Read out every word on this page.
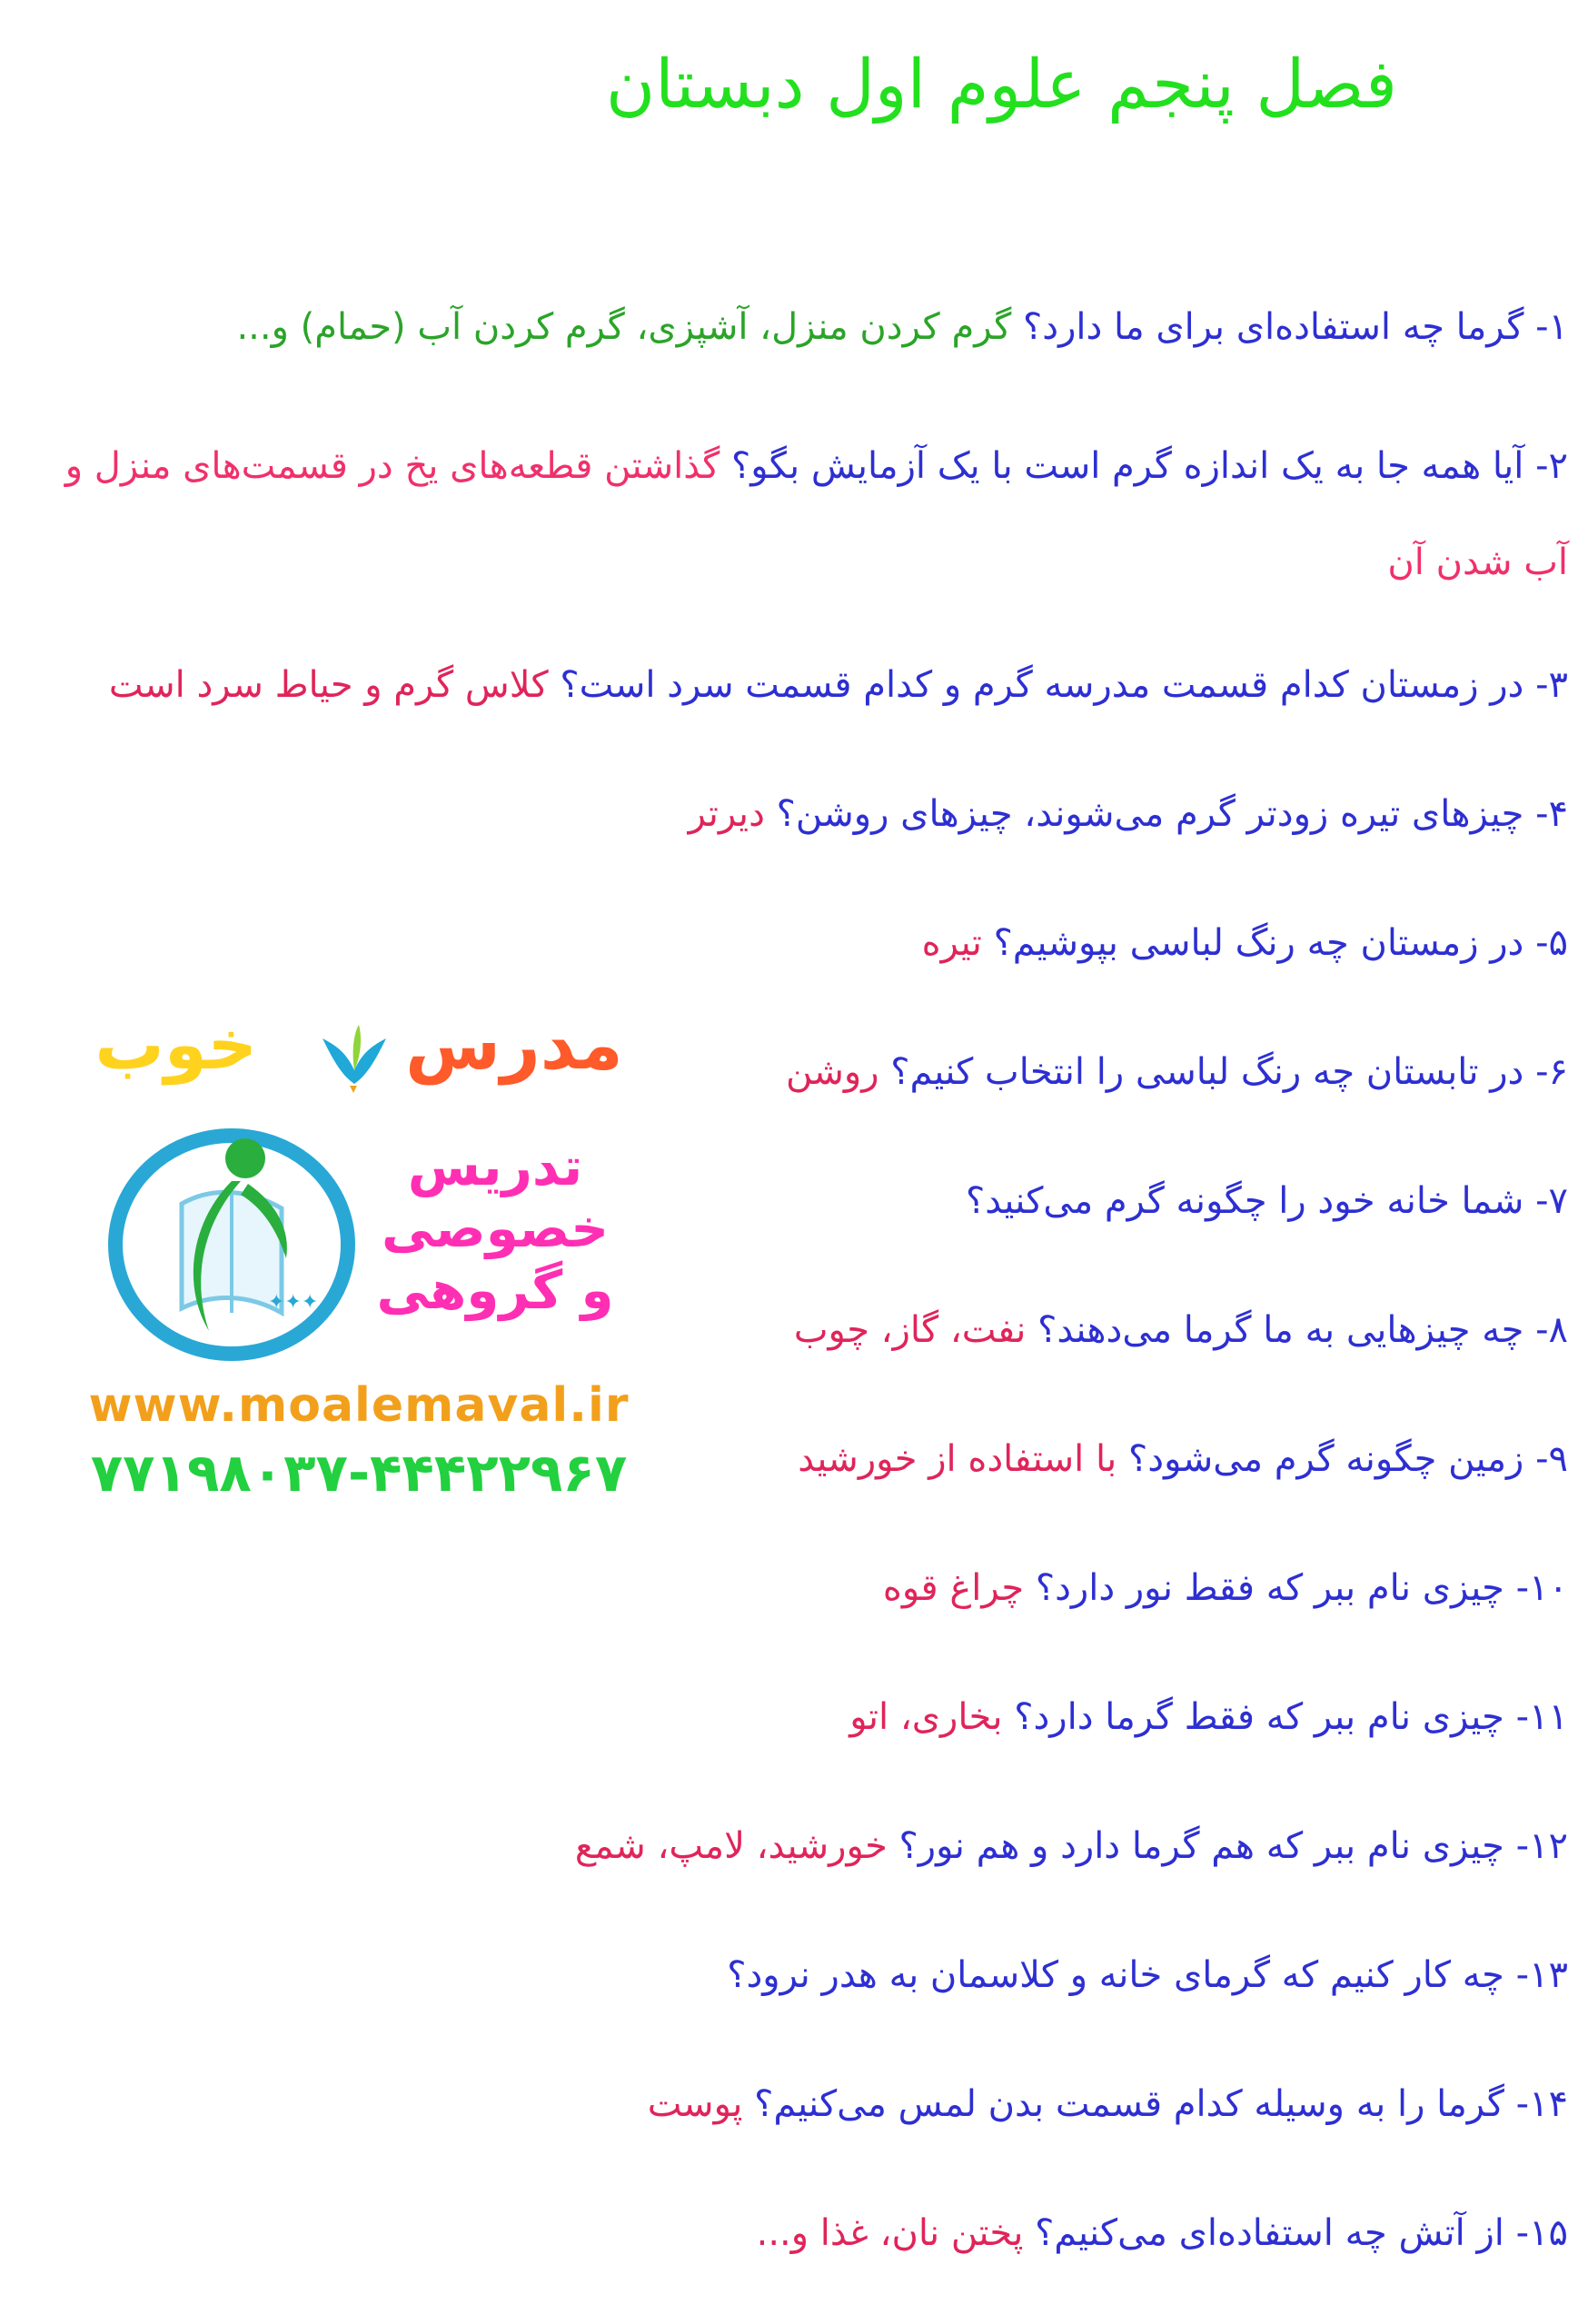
فصل پنجم علوم اول دبستان
۱- گرما چه استفاده‌ای برای ما دارد؟ گرم کردن منزل، آشپزی، گرم کردن آب (حمام) و...
۲- آیا همه جا به یک اندازه گرم است با یک آزمایش بگو؟ گذاشتن قطعه‌های یخ در قسمت‌های منزل و آب شدن آن
۳- در زمستان کدام قسمت مدرسه گرم و کدام قسمت سرد است؟ کلاس گرم و حیاط سرد است
۴- چیزهای تیره زودتر گرم می‌شوند، چیزهای روشن؟ دیرتر
۵- در زمستان چه رنگ لباسی بپوشیم؟ تیره
۶- در تابستان چه رنگ لباسی را انتخاب کنیم؟ روشن
۷- شما خانه خود را چگونه گرم می‌کنید؟
۸- چه چیزهایی به ما گرما می‌دهند؟ نفت، گاز، چوب
۹- زمین چگونه گرم می‌شود؟ با استفاده از خورشید
۱۰- چیزی نام ببر که فقط نور دارد؟ چراغ قوه
۱۱- چیزی نام ببر که فقط گرما دارد؟ بخاری، اتو
۱۲- چیزی نام ببر که هم گرما دارد و هم نور؟ خورشید، لامپ، شمع
۱۳- چه کار کنیم که گرمای خانه و کلاسمان به هدر نرود؟
۱۴- گرما را به وسیله کدام قسمت بدن لمس می‌کنیم؟ پوست
۱۵- از آتش چه استفاده‌ای می‌کنیم؟ پختن نان، غذا و...
مدرس  خوب
✦✦✦
تدریس
خصوصی
و گروهی
www.moalemaval.ir
۷۷۱۹۸۰۳۷-۴۴۴۲۲۹۶۷
